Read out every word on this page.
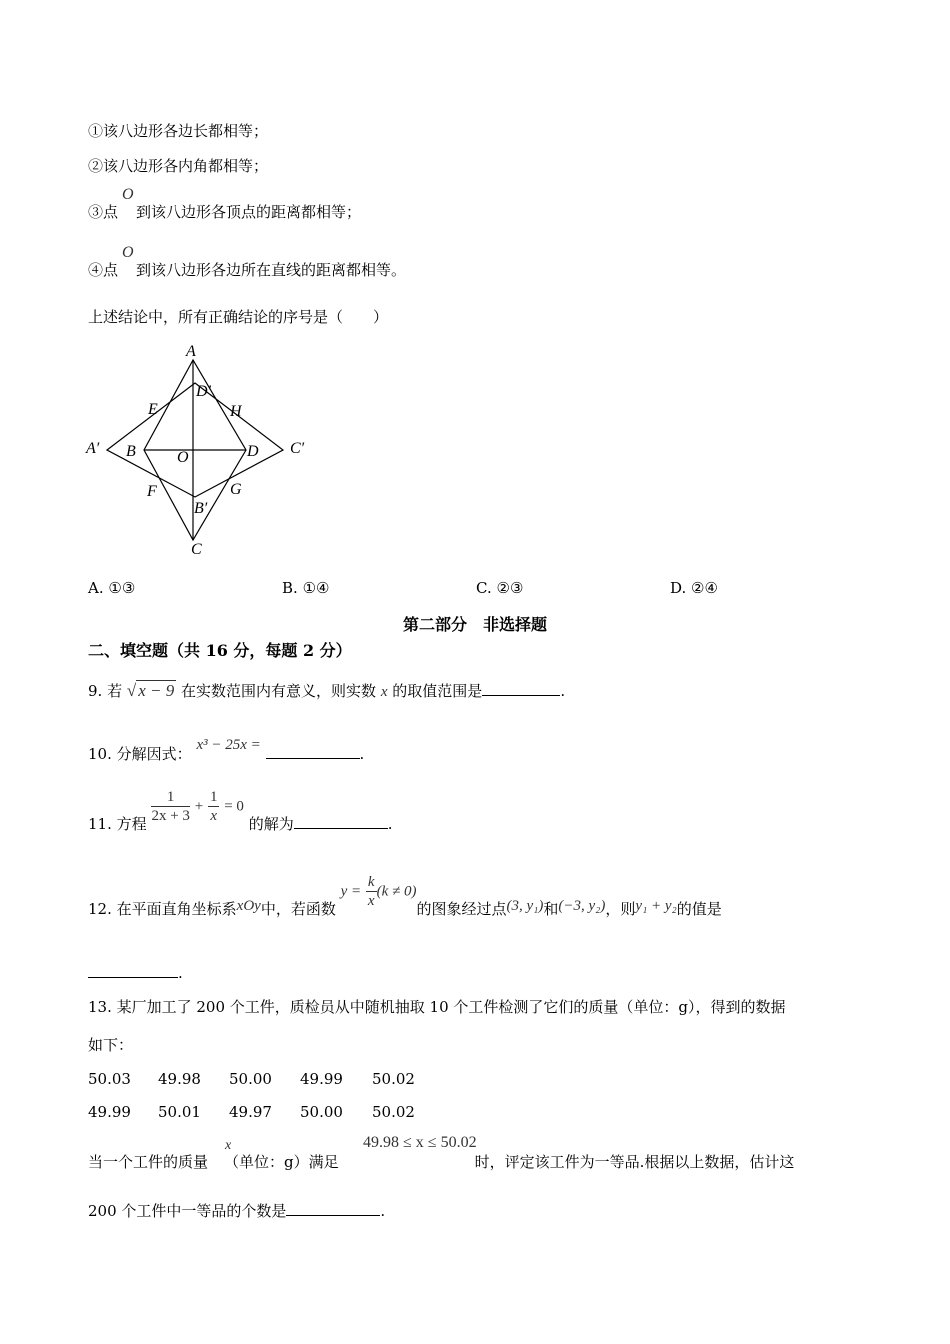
①该八边形各边长都相等；
②该八边形各内角都相等；
O
③点 到该八边形各顶点的距离都相等；
O
④点 到该八边形各边所在直线的距离都相等。
上述结论中，所有正确结论的序号是（　　）
A
D′
E	H
A′ B	O	D C′
F	G
B′
C
A. ①③	B. ①④	C. ②③	D. ②④
第二部分　非选择题
二、填空题（共 16 分，每题 2 分）
9. 若 √ x − 9 在实数范围内有意义，则实数 x 的取值范围是	.
10. 分解因式： x³ − 25x =	.
11. 方程 $\frac{1}{2x + 3} + \frac{1}{x} = 0$ 的解为	.
12. 在平面直角坐标系xOy中，若函数 $y = \frac{k}{x} (k \ne 0)$的图象经过点(3, y₁)和(−3, y₂)，则y₁ + y₂的值是
.
13. 某厂加工了 200 个工件，质检员从中随机抽取 10 个工件检测了它们的质量（单位：g），得到的数据
如下：
50.03 49.98 50.00 49.99 50.02
49.99 50.01 49.97 50.00 50.02
x	49.98 ≤ x ≤ 50.02
当一个工件的质量 （单位：g）满足	时，评定该工件为一等品.根据以上数据，估计这
200 个工件中一等品的个数是	.
